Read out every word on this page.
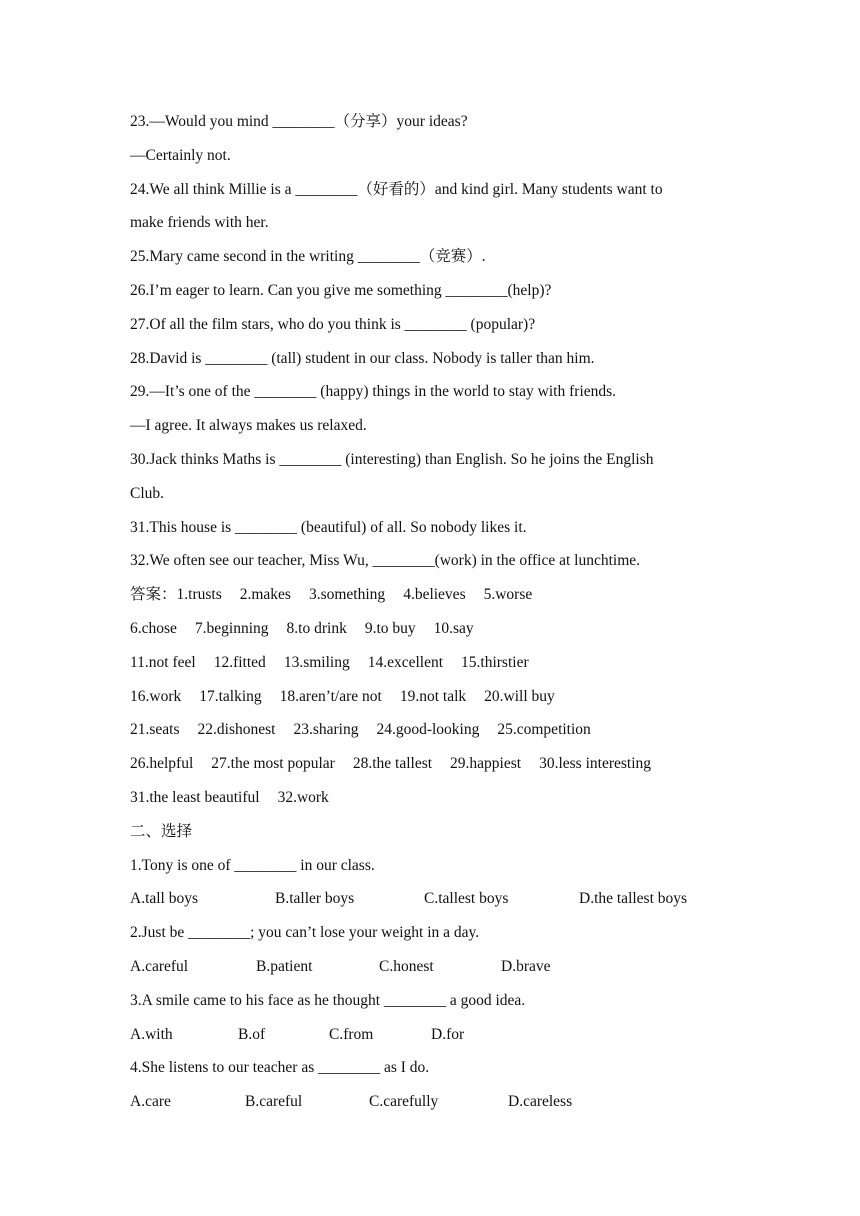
23.—Would you mind ________（分享）your ideas?
—Certainly not.
24.We all think Millie is a ________（好看的）and kind girl. Many students want to
make friends with her.
25.Mary came second in the writing ________（竞赛）.
26.I’m eager to learn. Can you give me something ________(help)?
27.Of all the film stars, who do you think is ________ (popular)?
28.David is ________ (tall) student in our class. Nobody is taller than him.
29.—It’s one of the ________ (happy) things in the world to stay with friends.
—I agree. It always makes us relaxed.
30.Jack thinks Maths is ________ (interesting) than English. So he joins the English
Club.
31.This house is ________ (beautiful) of all. So nobody likes it.
32.We often see our teacher, Miss Wu, ________(work) in the office at lunchtime.
答案：1.trusts 2.makes 3.something 4.believes 5.worse
6.chose 7.beginning 8.to drink 9.to buy 10.say
11.not feel 12.fitted 13.smiling 14.excellent 15.thirstier
16.work 17.talking 18.aren’t/are not 19.not talk 20.will buy
21.seats 22.dishonest 23.sharing 24.good-looking 25.competition
26.helpful 27.the most popular 28.the tallest 29.happiest 30.less interesting
31.the least beautiful 32.work
二、选择
1.Tony is one of ________ in our class.
A.tall boys	B.taller boys	C.tallest boys	D.the tallest boys
2.Just be ________; you can’t lose your weight in a day.
A.careful	B.patient	C.honest	D.brave
3.A smile came to his face as he thought ________ a good idea.
A.with	B.of	C.from	D.for
4.She listens to our teacher as ________ as I do.
A.care	B.careful	C.carefully	D.careless
